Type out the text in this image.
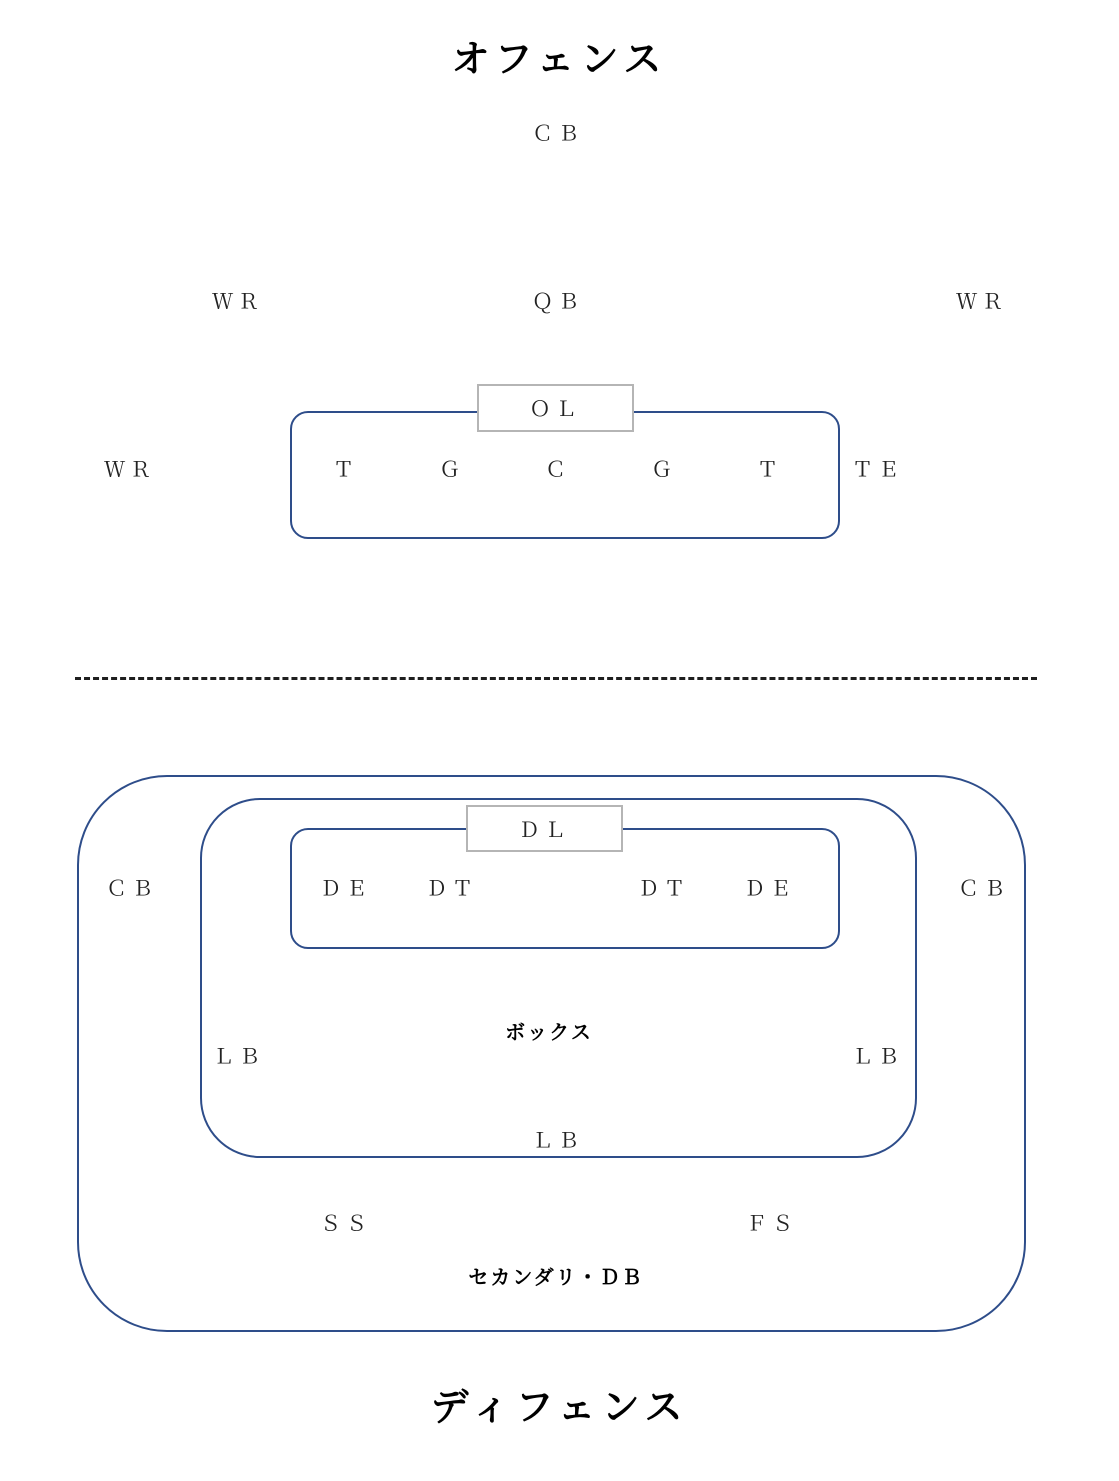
オフェンス
ＣＢ
ＷＲ	ＱＢ	ＷＲ
ＯＬ
ＷＲ	Ｔ	Ｇ	Ｃ	Ｇ	Ｔ	ＴＥ
ＤＬ
ＣＢ	ＤＥ	ＤＴ	ＤＴ	ＤＥ	ＣＢ
ボックス
ＬＢ	ＬＢ
ＬＢ
ＳＳ	ＦＳ
セカンダリ・ＤＢ
ディフェンス
